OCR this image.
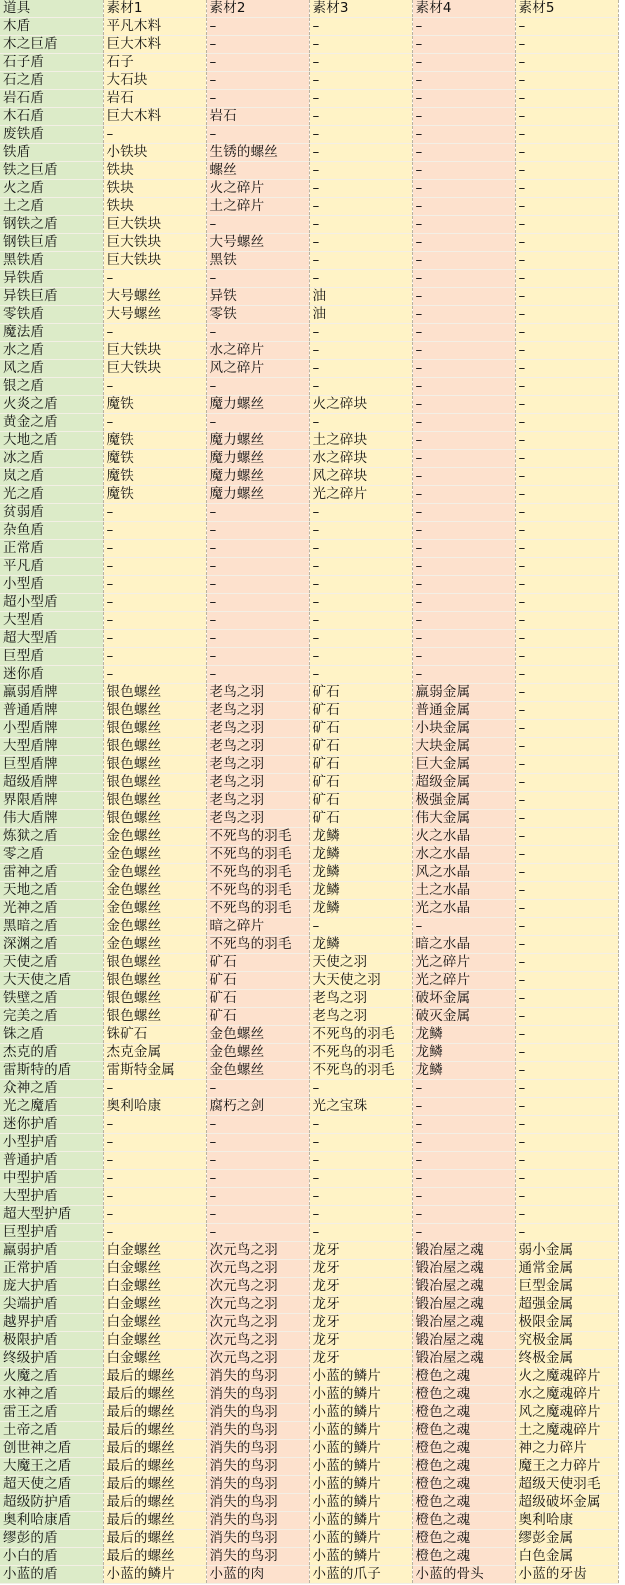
道具	素材1	素材2	素材3	素材4	素材5
木盾	平凡木料	–	–	–	–
木之巨盾	巨大木料	–	–	–	–
石子盾	石子	–	–	–	–
石之盾	大石块	–	–	–	–
岩石盾	岩石	–	–	–	–
木石盾	巨大木料	岩石	–	–	–
废铁盾	–	–	–	–	–
铁盾	小铁块	生锈的螺丝	–	–	–
铁之巨盾	铁块	螺丝	–	–	–
火之盾	铁块	火之碎片	–	–	–
土之盾	铁块	土之碎片	–	–	–
钢铁之盾	巨大铁块	–	–	–	–
钢铁巨盾	巨大铁块	大号螺丝	–	–	–
黑铁盾	巨大铁块	黑铁	–	–	–
异铁盾	–	–	–	–	–
异铁巨盾	大号螺丝	异铁	油	–	–
零铁盾	大号螺丝	零铁	油	–	–
魔法盾	–	–	–	–	–
水之盾	巨大铁块	水之碎片	–	–	–
风之盾	巨大铁块	风之碎片	–	–	–
银之盾	–	–	–	–	–
火炎之盾	魔铁	魔力螺丝	火之碎块	–	–
黄金之盾	–	–	–	–	–
大地之盾	魔铁	魔力螺丝	土之碎块	–	–
冰之盾	魔铁	魔力螺丝	水之碎块	–	–
岚之盾	魔铁	魔力螺丝	风之碎块	–	–
光之盾	魔铁	魔力螺丝	光之碎片	–	–
贫弱盾	–	–	–	–	–
杂鱼盾	–	–	–	–	–
正常盾	–	–	–	–	–
平凡盾	–	–	–	–	–
小型盾	–	–	–	–	–
超小型盾	–	–	–	–	–
大型盾	–	–	–	–	–
超大型盾	–	–	–	–	–
巨型盾	–	–	–	–	–
迷你盾	–	–	–	–	–
羸弱盾牌	银色螺丝	老鸟之羽	矿石	羸弱金属	–
普通盾牌	银色螺丝	老鸟之羽	矿石	普通金属	–
小型盾牌	银色螺丝	老鸟之羽	矿石	小块金属	–
大型盾牌	银色螺丝	老鸟之羽	矿石	大块金属	–
巨型盾牌	银色螺丝	老鸟之羽	矿石	巨大金属	–
超级盾牌	银色螺丝	老鸟之羽	矿石	超级金属	–
界限盾牌	银色螺丝	老鸟之羽	矿石	极强金属	–
伟大盾牌	银色螺丝	老鸟之羽	矿石	伟大金属	–
炼狱之盾	金色螺丝	不死鸟的羽毛	龙鳞	火之水晶	–
零之盾	金色螺丝	不死鸟的羽毛	龙鳞	水之水晶	–
雷神之盾	金色螺丝	不死鸟的羽毛	龙鳞	风之水晶	–
天地之盾	金色螺丝	不死鸟的羽毛	龙鳞	土之水晶	–
光神之盾	金色螺丝	不死鸟的羽毛	龙鳞	光之水晶	–
黑暗之盾	金色螺丝	暗之碎片	–	–	–
深渊之盾	金色螺丝	不死鸟的羽毛	龙鳞	暗之水晶	–
天使之盾	银色螺丝	矿石	天使之羽	光之碎片	–
大天使之盾	银色螺丝	矿石	大天使之羽	光之碎片	–
铁壁之盾	银色螺丝	矿石	老鸟之羽	破坏金属	–
完美之盾	银色螺丝	矿石	老鸟之羽	破灭金属	–
铢之盾	铢矿石	金色螺丝	不死鸟的羽毛	龙鳞	–
杰克的盾	杰克金属	金色螺丝	不死鸟的羽毛	龙鳞	–
雷斯特的盾	雷斯特金属	金色螺丝	不死鸟的羽毛	龙鳞	–
众神之盾	–	–	–	–	–
光之魔盾	奥利哈康	腐朽之剑	光之宝珠	–	–
迷你护盾	–	–	–	–	–
小型护盾	–	–	–	–	–
普通护盾	–	–	–	–	–
中型护盾	–	–	–	–	–
大型护盾	–	–	–	–	–
超大型护盾	–	–	–	–	–
巨型护盾	–	–	–	–	–
羸弱护盾	白金螺丝	次元鸟之羽	龙牙	锻冶屋之魂	弱小金属
正常护盾	白金螺丝	次元鸟之羽	龙牙	锻冶屋之魂	通常金属
庞大护盾	白金螺丝	次元鸟之羽	龙牙	锻冶屋之魂	巨型金属
尖端护盾	白金螺丝	次元鸟之羽	龙牙	锻冶屋之魂	超强金属
越界护盾	白金螺丝	次元鸟之羽	龙牙	锻冶屋之魂	极限金属
极限护盾	白金螺丝	次元鸟之羽	龙牙	锻冶屋之魂	究极金属
终级护盾	白金螺丝	次元鸟之羽	龙牙	锻冶屋之魂	终极金属
火魔之盾	最后的螺丝	消失的鸟羽	小蓝的鳞片	橙色之魂	火之魔魂碎片
水神之盾	最后的螺丝	消失的鸟羽	小蓝的鳞片	橙色之魂	水之魔魂碎片
雷王之盾	最后的螺丝	消失的鸟羽	小蓝的鳞片	橙色之魂	风之魔魂碎片
土帝之盾	最后的螺丝	消失的鸟羽	小蓝的鳞片	橙色之魂	土之魔魂碎片
创世神之盾	最后的螺丝	消失的鸟羽	小蓝的鳞片	橙色之魂	神之力碎片
大魔王之盾	最后的螺丝	消失的鸟羽	小蓝的鳞片	橙色之魂	魔王之力碎片
超天使之盾	最后的螺丝	消失的鸟羽	小蓝的鳞片	橙色之魂	超级天使羽毛
超级防护盾	最后的螺丝	消失的鸟羽	小蓝的鳞片	橙色之魂	超级破坏金属
奥利哈康盾	最后的螺丝	消失的鸟羽	小蓝的鳞片	橙色之魂	奥利哈康
缪彭的盾	最后的螺丝	消失的鸟羽	小蓝的鳞片	橙色之魂	缪彭金属
小白的盾	最后的螺丝	消失的鸟羽	小蓝的鳞片	橙色之魂	白色金属
小蓝的盾	小蓝的鳞片	小蓝的肉	小蓝的爪子	小蓝的骨头	小蓝的牙齿
